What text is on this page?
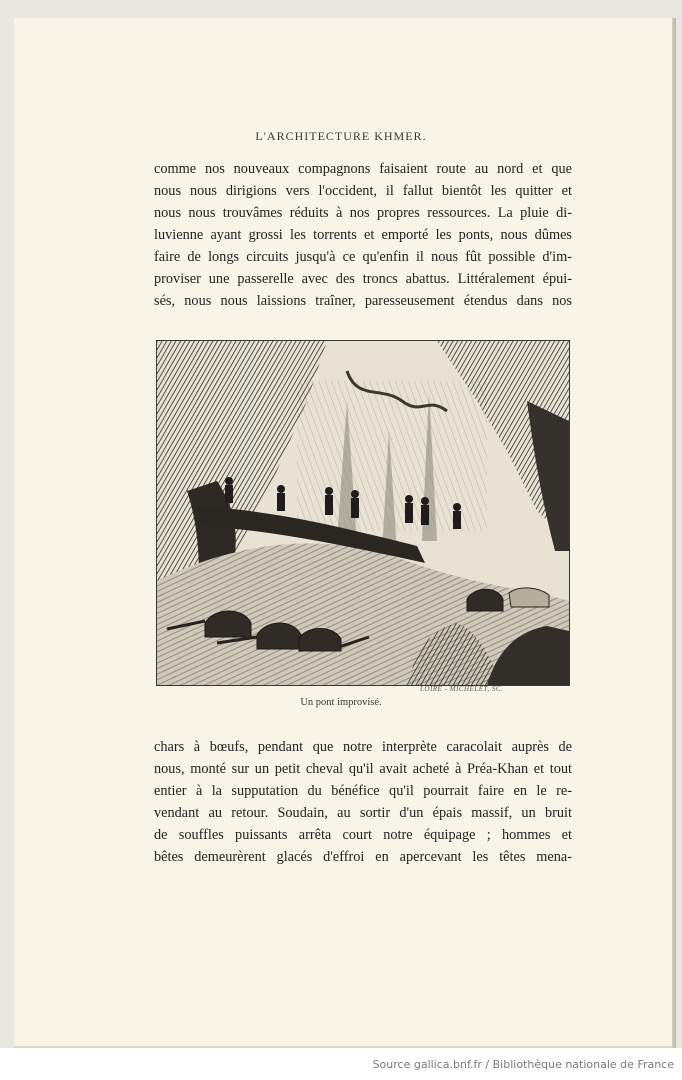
L'ARCHITECTURE KHMER.

comme nos nouveaux compagnons faisaient route au nord et que
nous nous dirigions vers l'occident, il fallut bientôt les quitter et
nous nous trouvâmes réduits à nos propres ressources. La pluie di-
luvienne ayant grossi les torrents et emporté les ponts, nous dûmes
faire de longs circuits jusqu'à ce qu'enfin il nous fût possible d'im-
proviser une passerelle avec des troncs abattus. Littéralement épui-
sés, nous nous laissions traîner, paresseusement étendus dans nos

LOIRE - MICHELET, SC.
Un pont improvisé.

chars à bœufs, pendant que notre interprète caracolait auprès de
nous, monté sur un petit cheval qu'il avait acheté à Préa-Khan et tout
entier à la supputation du bénéfice qu'il pourrait faire en le re-
vendant au retour. Soudain, au sortir d'un épais massif, un bruit
de souffles puissants arrêta court notre équipage ; hommes et
bêtes demeurèrent glacés d'effroi en apercevant les têtes mena-

Source gallica.bnf.fr / Bibliothèque nationale de France
